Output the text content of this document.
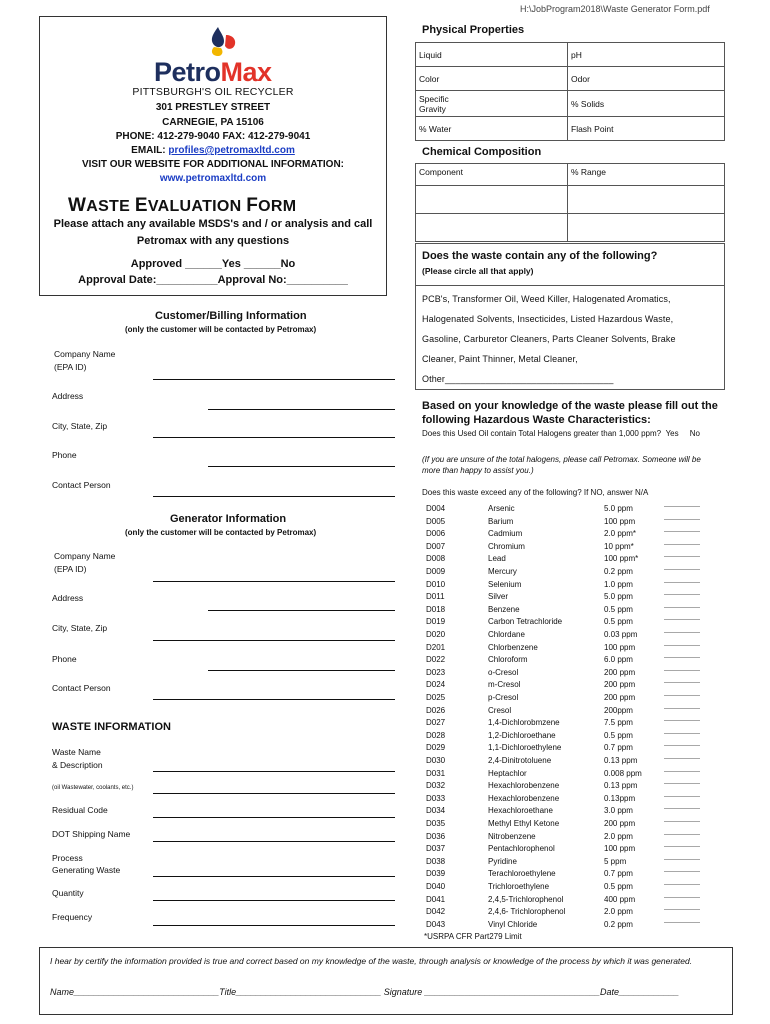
H:\JobProgram2018\Waste Generator Form.pdf
PetroMax
PITTSBURGH'S OIL RECYCLER
301 PRESTLEY STREET
CARNEGIE, PA 15106
PHONE: 412-279-9040 FAX: 412-279-9041
EMAIL: profiles@petromaxltd.com
VISIT OUR WEBSITE FOR ADDITIONAL INFORMATION:
www.petromaxltd.com
WASTE EVALUATION FORM
Please attach any available MSDS's and / or analysis and call
Petromax with any questions
Approved ______Yes ______No
Approval Date:__________Approval No:__________
Customer/Billing Information
(only the customer will be contacted by Petromax)
Company Name
(EPA ID)
Address
City, State, Zip
Phone
Contact Person
Generator Information
(only the customer will be contacted by Petromax)
Company Name
(EPA ID)
Address
City, State, Zip
Phone
Contact Person
WASTE INFORMATION
Waste Name
& Description
(oil Wastewater, coolants, etc.)
Residual Code
DOT Shipping Name
Process
Generating Waste
Quantity
Frequency
Physical Properties
Liquid	pH
Color	Odor

Specific
Gravity	% Solids
% Water	Flash Point
Chemical Composition
Component	% Range

Does the waste contain any of the following?
(Please circle all that apply)
PCB's, Transformer Oil, Weed Killer, Halogenated Aromatics,
Halogenated Solvents, Insecticides, Listed Hazardous Waste,
Gasoline, Carburetor Cleaners, Parts Cleaner Solvents, Brake
Cleaner, Paint Thinner, Metal Cleaner,
Other_________________________________
Based on your knowledge of the waste please fill out the
following Hazardous Waste Characteristics:
Does this Used Oil contain Total Halogens greater than 1,000 ppm? Yes No
(If you are unsure of the total halogens, please call Petromax. Someone will be
more than happy to assist you.)
Does this waste exceed any of the following? If NO, answer N/A
D004	Arsenic	5.0 ppm	------------------
D005	Barium	100 ppm	------------------
D006	Cadmium	2.0 ppm*	------------------
D007	Chromium	10 ppm*	------------------
D008	Lead	100 ppm*	------------------
D009	Mercury	0.2 ppm	------------------
D010	Selenium	1.0 ppm	------------------
D011	Silver	5.0 ppm	------------------
D018	Benzene	0.5 ppm	------------------
D019	Carbon Tetrachloride	0.5 ppm	------------------
D020	Chlordane	0.03 ppm	------------------
D201	Chlorbenzene	100 ppm	------------------
D022	Chloroform	6.0 ppm	------------------
D023	o-Cresol	200 ppm	------------------
D024	m-Cresol	200 ppm	------------------
D025	p-Cresol	200 ppm	------------------
D026	Cresol	200ppm	------------------
D027	1,4-Dichlorobmzene	7.5 ppm	------------------
D028	1,2-Dichloroethane	0.5 ppm	------------------
D029	1,1-Dichloroethylene	0.7 ppm	------------------
D030	2,4-Dinitrotoluene	0.13 ppm	------------------
D031	Heptachlor	0.008 ppm	------------------
D032	Hexachlorobenzene	0.13 ppm	------------------
D033	Hexachlorobenzene	0.13ppm	------------------
D034	Hexachloroethane	3.0 ppm	------------------
D035	Methyl Ethyl Ketone	200 ppm	------------------
D036	Nitrobenzene	2.0 ppm	------------------
D037	Pentachlorophenol	100 ppm	------------------
D038	Pyridine	5 ppm	------------------
D039	Terachloroethylene	0.7 ppm	------------------
D040	Trichloroethylene	0.5 ppm	------------------
D041	2,4,5-Trichlorophenol	400 ppm	------------------
D042	2,4,6- Trichlorophenol	2.0 ppm	------------------
D043	Vinyl Chloride	0.2 ppm	------------------
*USRPA CFR Part279 Limit
I hear by certify the information provided is true and correct based on my knowledge of the waste, through analysis or knowledge of the process by which it was generated.
Name_____________________________Title_____________________________ Signature ___________________________________Date____________
